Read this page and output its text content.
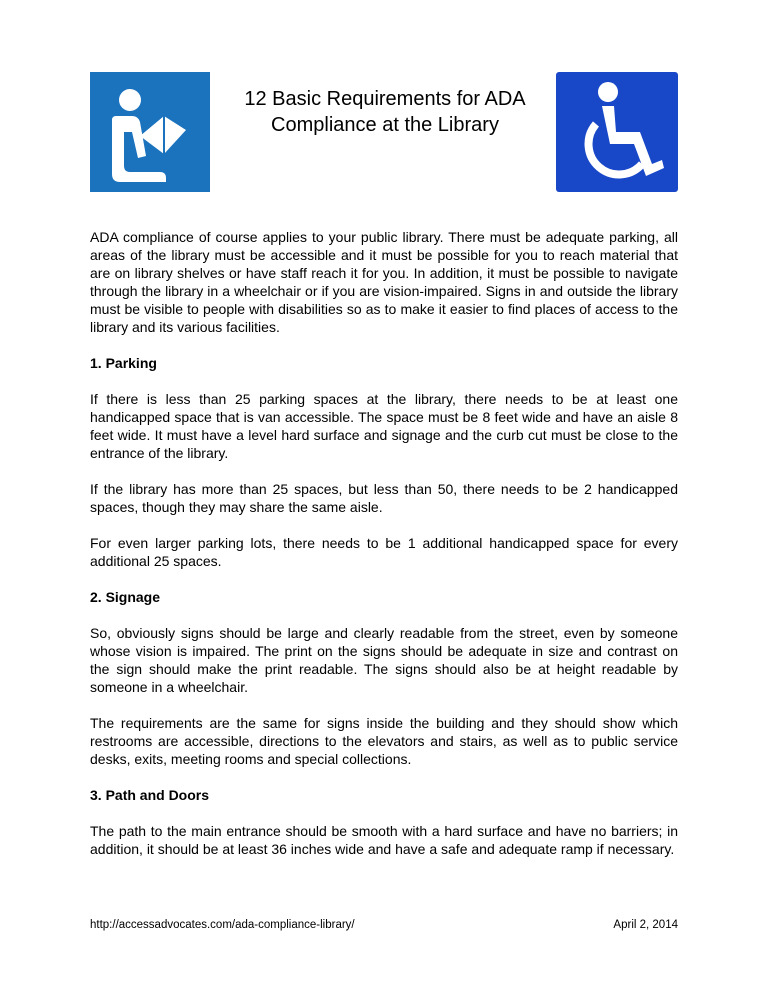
12 Basic Requirements for ADA
Compliance at the Library

ADA compliance of course applies to your public library. There must be adequate parking, all areas of the library must be accessible and it must be possible for you to reach material that are on library shelves or have staff reach it for you. In addition, it must be possible to navigate through the library in a wheelchair or if you are vision-impaired. Signs in and outside the library must be visible to people with disabilities so as to make it easier to find places of access to the library and its various facilities.

1. Parking

If there is less than 25 parking spaces at the library, there needs to be at least one handicapped space that is van accessible. The space must be 8 feet wide and have an aisle 8 feet wide. It must have a level hard surface and signage and the curb cut must be close to the entrance of the library.

If the library has more than 25 spaces, but less than 50, there needs to be 2 handicapped spaces, though they may share the same aisle.

For even larger parking lots, there needs to be 1 additional handicapped space for every additional 25 spaces.

2. Signage

So, obviously signs should be large and clearly readable from the street, even by someone whose vision is impaired. The print on the signs should be adequate in size and contrast on the sign should make the print readable. The signs should also be at height readable by someone in a wheelchair.

The requirements are the same for signs inside the building and they should show which restrooms are accessible, directions to the elevators and stairs, as well as to public service desks, exits, meeting rooms and special collections.

3. Path and Doors

The path to the main entrance should be smooth with a hard surface and have no barriers; in addition, it should be at least 36 inches wide and have a safe and adequate ramp if necessary.

http://accessadvocates.com/ada-compliance-library/	April 2, 2014
